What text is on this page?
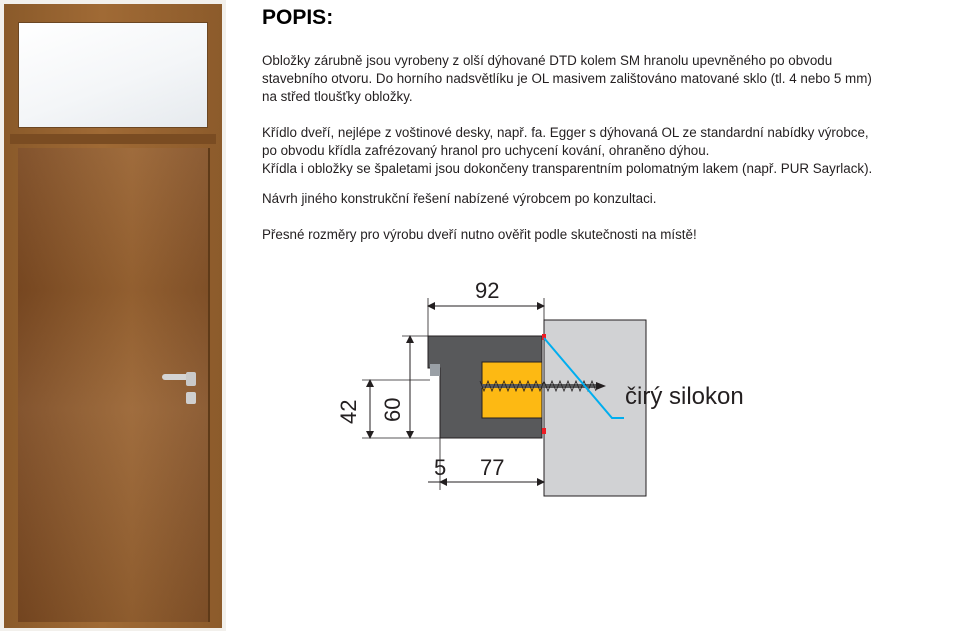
POPIS:

Obložky zárubně jsou vyrobeny z olší dýhované DTD kolem SM hranolu upevněného po obvodu
stavebního otvoru. Do horního nadsvětlíku je OL masivem zalištováno matované sklo (tl. 4 nebo 5 mm)
na střed tloušťky obložky.

Křídlo dveří, nejlépe z voštinové desky, např. fa. Egger s dýhovaná OL ze standardní nabídky výrobce,
po obvodu křídla zafrézovaný hranol pro uchycení kování, ohraněno dýhou.
Křídla i obložky se špaletami jsou dokončeny transparentním polomatným lakem (např. PUR Sayrlack).

Návrh jiného konstrukční řešení nabízené výrobcem po konzultaci.

Přesné rozměry pro výrobu dveří nutno ověřit podle skutečnosti na místě!

92
42 60
5 77
čirý silokon
